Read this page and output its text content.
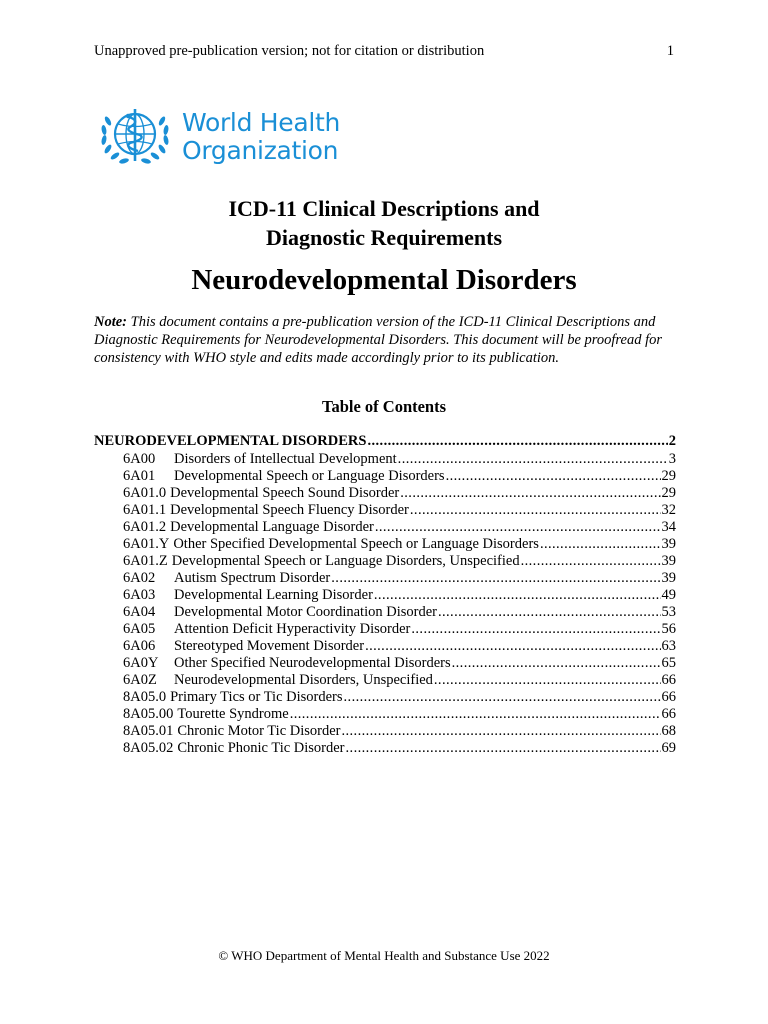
Unapproved pre-publication version; not for citation or distribution	1
World Health
Organization
ICD-11 Clinical Descriptions and
Diagnostic Requirements
Neurodevelopmental Disorders
Note: This document contains a pre-publication version of the ICD-11 Clinical Descriptions and Diagnostic Requirements for Neurodevelopmental Disorders. This document will be proofread for consistency with WHO style and edits made accordingly prior to its publication.
Table of Contents
NEURODEVELOPMENTAL DISORDERS .....	2
6A00	Disorders of Intellectual Development .....	3
6A01	Developmental Speech or Language Disorders .....	29
6A01.0 Developmental Speech Sound Disorder .....	29
6A01.1 Developmental Speech Fluency Disorder .....	32
6A01.2 Developmental Language Disorder .....	34
6A01.Y Other Specified Developmental Speech or Language Disorders .....	39
6A01.Z Developmental Speech or Language Disorders, Unspecified .....	39
6A02	Autism Spectrum Disorder .....	39
6A03	Developmental Learning Disorder .....	49
6A04	Developmental Motor Coordination Disorder .....	53
6A05	Attention Deficit Hyperactivity Disorder .....	56
6A06	Stereotyped Movement Disorder .....	63
6A0Y	Other Specified Neurodevelopmental Disorders .....	65
6A0Z	Neurodevelopmental Disorders, Unspecified .....	66
8A05.0 Primary Tics or Tic Disorders .....	66
8A05.00 Tourette Syndrome .....	66
8A05.01 Chronic Motor Tic Disorder .....	68
8A05.02 Chronic Phonic Tic Disorder .....	69
© WHO Department of Mental Health and Substance Use 2022
